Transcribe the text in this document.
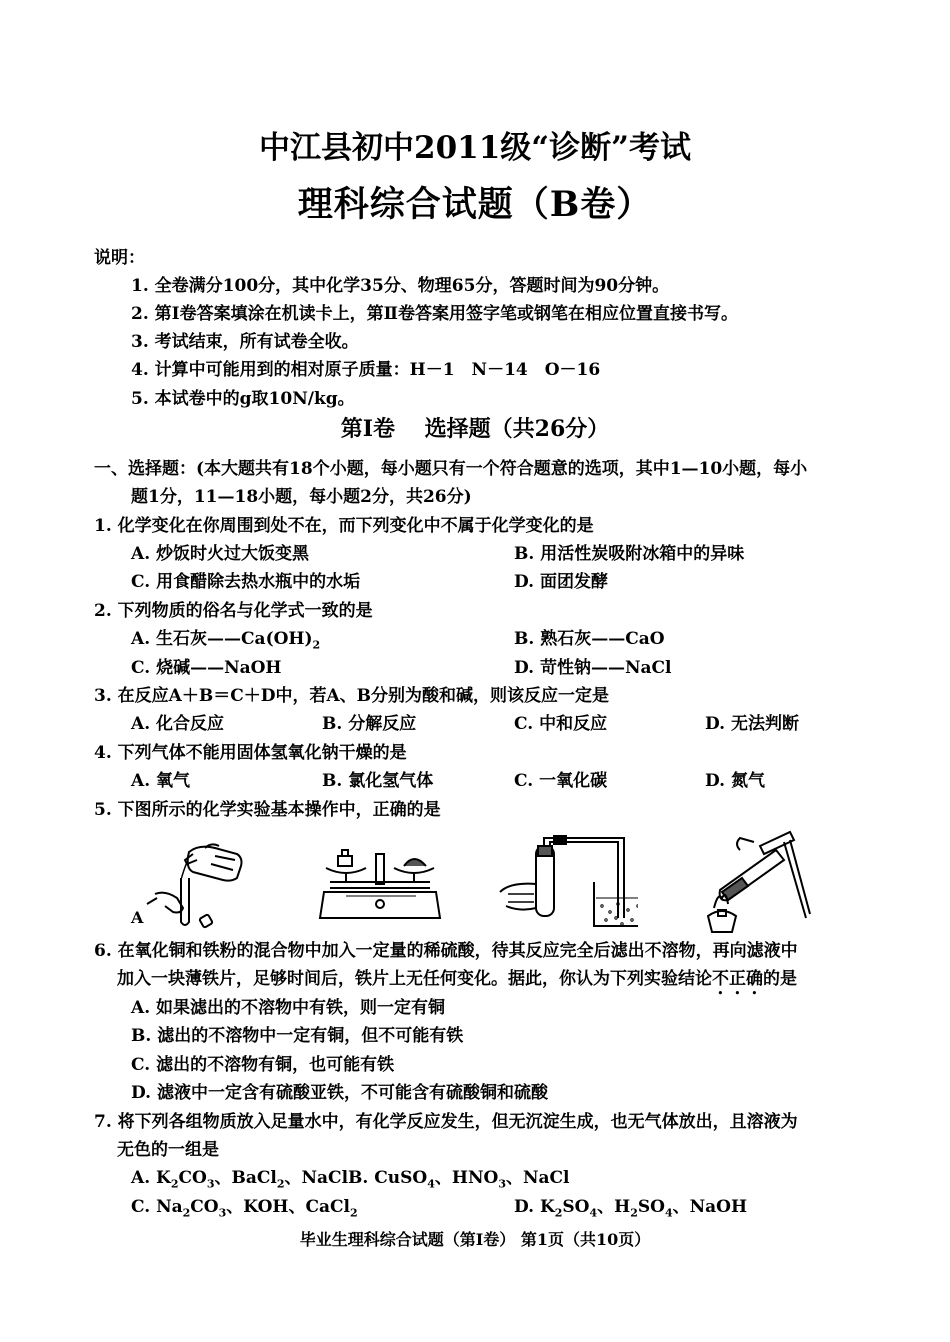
中江县初中2011级“诊断”考试
理科综合试题（B卷）
说明：
1. 全卷满分100分，其中化学35分、物理65分，答题时间为90分钟。
2. 第Ⅰ卷答案填涂在机读卡上，第Ⅱ卷答案用签字笔或钢笔在相应位置直接书写。
3. 考试结束，所有试卷全收。
4. 计算中可能用到的相对原子质量：H－1　N－14　O－16
5. 本试卷中的g取10N/kg。
第Ⅰ卷　 选择题（共26分）
一、选择题：(本大题共有18个小题，每小题只有一个符合题意的选项，其中1—10小题，每小
题1分，11—18小题，每小题2分，共26分)
1. 化学变化在你周围到处不在，而下列变化中不属于化学变化的是
A. 炒饭时火过大饭变黑	B. 用活性炭吸附冰箱中的异味
C. 用食醋除去热水瓶中的水垢	D. 面团发酵
2. 下列物质的俗名与化学式一致的是
A. 生石灰$——Ca(OH)_2$	B. 熟石灰——CaO
C. 烧碱——NaOH	D. 苛性钠——NaCl
3. 在反应A＋B＝C＋D中，若A、B分别为酸和碱，则该反应一定是
A. 化合反应	B. 分解反应	C. 中和反应	D. 无法判断
4. 下列气体不能用固体氢氧化钠干燥的是
A. 氧气	B. 氯化氢气体	C. 一氧化碳	D. 氮气
5. 下图所示的化学实验基本操作中，正确的是
A
6. 在氧化铜和铁粉的混合物中加入一定量的稀硫酸，待其反应完全后滤出不溶物，再向滤液中
加入一块薄铁片，足够时间后，铁片上无任何变化。据此，你认为下列实验结论不正确的是
A. 如果滤出的不溶物中有铁，则一定有铜
B. 滤出的不溶物中一定有铜，但不可能有铁
C. 滤出的不溶物有铜，也可能有铁
D. 滤液中一定含有硫酸亚铁，不可能含有硫酸铜和硫酸
7. 将下列各组物质放入足量水中，有化学反应发生，但无沉淀生成，也无气体放出，且溶液为
无色的一组是
A. $K_2CO_3$、BaCl$_2$、NaClB. CuSO$_4$、$HNO_3$、NaCl
C. $Na_2CO_3$、KOH、CaCl$_2$	D. $K_2SO_4$、$H_2SO_4$、NaOH
毕业生理科综合试题（第Ⅰ卷） 第1页（共10页）
